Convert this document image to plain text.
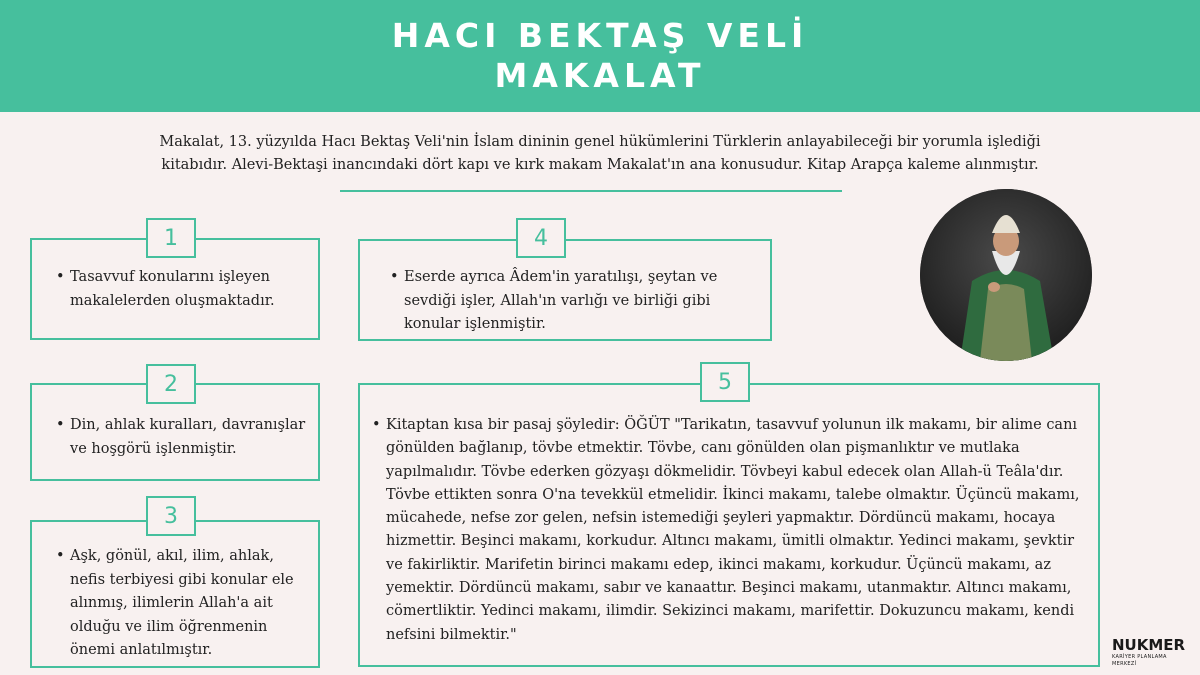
HACI BEKTAŞ VELİ
MAKALAT
Makalat, 13. yüzyılda Hacı Bektaş Veli'nin İslam dininin genel hükümlerini Türklerin anlayabileceği bir yorumla işlediği kitabıdır. Alevi-Bektaşi inancındaki dört kapı ve kırk makam Makalat'ın ana konusudur. Kitap Arapça kaleme alınmıştır.
1
• Tasavvuf konularını işleyen makalelerden oluşmaktadır.
2
• Din, ahlak kuralları, davranışlar ve hoşgörü işlenmiştir.
3
• Aşk, gönül, akıl, ilim, ahlak, nefis terbiyesi gibi konular ele alınmış, ilimlerin Allah'a ait olduğu ve ilim öğrenmenin önemi anlatılmıştır.
4
• Eserde ayrıca Âdem'in yaratılışı, şeytan ve sevdiği işler, Allah'ın varlığı ve birliği gibi konular işlenmiştir.
5
• Kitaptan kısa bir pasaj şöyledir: ÖĞÜT "Tarikatın, tasavvuf yolunun ilk makamı, bir alime canı gönülden bağlanıp, tövbe etmektir. Tövbe, canı gönülden olan pişmanlıktır ve mutlaka yapılmalıdır. Tövbe ederken gözyaşı dökmelidir. Tövbeyi kabul edecek olan Allah-ü Teâla'dır. Tövbe ettikten sonra O'na tevekkül etmelidir. İkinci makamı, talebe olmaktır. Üçüncü makamı, mücahede, nefse zor gelen, nefsin istemediği şeyleri yapmaktır. Dördüncü makamı, hocaya hizmettir. Beşinci makamı, korkudur. Altıncı makamı, ümitli olmaktır. Yedinci makamı, şevktir ve fakirliktir. Marifetin birinci makamı edep, ikinci makamı, korkudur. Üçüncü makamı, az yemektir. Dördüncü makamı, sabır ve kanaattır. Beşinci makamı, utanmaktır. Altıncı makamı, cömertliktir. Yedinci makamı, ilimdir. Sekizinci makamı, marifettir. Dokuzuncu makamı, kendi nefsini bilmektir."
NUKMER
KARİYER PLANLAMA MERKEZİ
